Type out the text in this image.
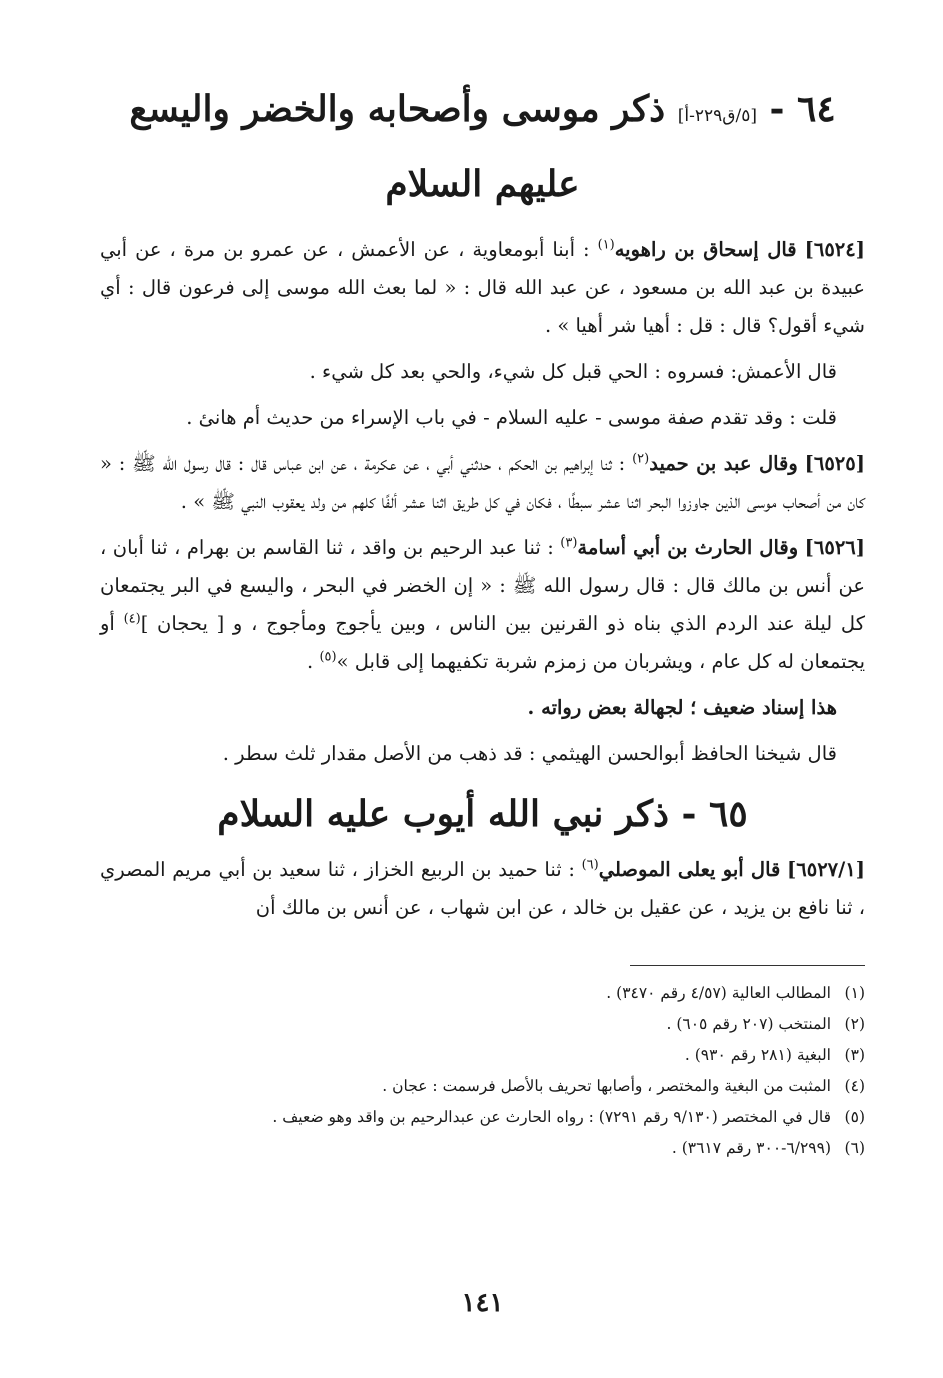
٦٤ - [٥/ق٢٢٩-أ] ذكر موسى وأصحابه والخضر واليسع
عليهم السلام

[٦٥٢٤] قال إسحاق بن راهويه$^{(١)}$ : أبنا أبومعاوية ، عن الأعمش ، عن عمرو بن مرة ، عن أبي عبيدة بن عبد الله بن مسعود ، عن عبد الله قال : « لما بعث الله موسى إلى فرعون قال : أي شيء أقول؟ قال : قل : أهيا شر أهيا » .

قال الأعمش: فسروه : الحي قبل كل شيء، والحي بعد كل شيء .

قلت : وقد تقدم صفة موسى - عليه السلام - في باب الإسراء من حديث أم هانئ .

[٦٥٢٥] وقال عبد بن حميد$^{(٢)}$ : ثنا إبراهيم بن الحكم ، حدثني أبي ، عن عكرمة ، عن ابن عباس قال : قال رسول الله ﷺ : « كان من أصحاب موسى الذين جاوزوا البحر اثنا عشر سبطًا ، فكان في كل طريق اثنا عشر ألفًا كلهم من ولد يعقوب النبي ﷺ » .

[٦٥٢٦] وقال الحارث بن أبي أسامة$^{(٣)}$ : ثنا عبد الرحيم بن واقد ، ثنا القاسم بن بهرام ، ثنا أبان ، عن أنس بن مالك قال : قال رسول الله ﷺ : « إن الخضر في البحر ، واليسع في البر يجتمعان كل ليلة عند الردم الذي بناه ذو القرنين بين الناس ، وبين يأجوج ومأجوج ، و [ يحجان ]$^{(٤)}$ أو يجتمعان له كل عام ، ويشربان من زمزم شربة تكفيهما إلى قابل »$^{(٥)}$ .

هذا إسناد ضعيف ؛ لجهالة بعض رواته .

قال شيخنا الحافظ أبوالحسن الهيثمي : قد ذهب من الأصل مقدار ثلث سطر .

٦٥ - ذكر نبي الله أيوب عليه السلام

[٦٥٢٧/١] قال أبو يعلى الموصلي$^{(٦)}$ : ثنا حميد بن الربيع الخزاز ، ثنا سعيد بن أبي مريم المصري ، ثنا نافع بن يزيد ، عن عقيل بن خالد ، عن ابن شهاب ، عن أنس بن مالك أن

(١)المطالب العالية (٤/٥٧ رقم ٣٤٧٠) .

(٢)المنتخب (٢٠٧ رقم ٦٠٥) .

(٣)البغية (٢٨١ رقم ٩٣٠) .

(٤)المثبت من البغية والمختصر ، وأصابها تحريف بالأصل فرسمت : عجان .

(٥)قال في المختصر (٩/١٣٠ رقم ٧٢٩١) : رواه الحارث عن عبدالرحيم بن واقد وهو ضعيف .

(٦)(٦/٢٩٩-٣٠٠ رقم ٣٦١٧) .

١٤١
